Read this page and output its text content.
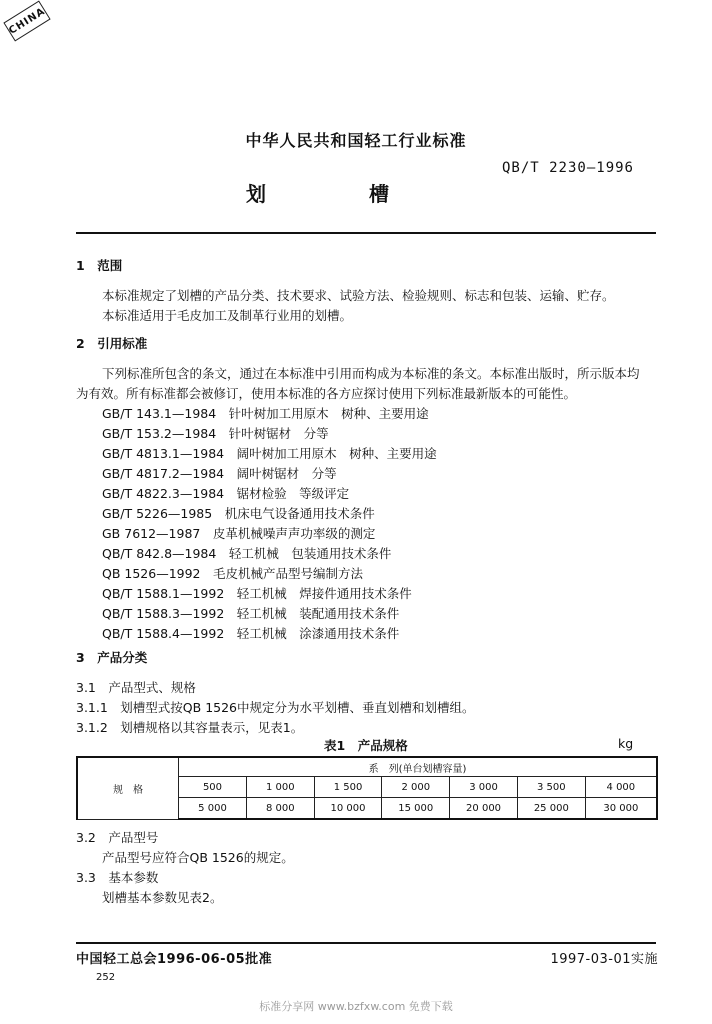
CHINA
中华人民共和国轻工行业标准
QB/T 2230—1996
划 槽
1　范围
本标准规定了划槽的产品分类、技术要求、试验方法、检验规则、标志和包装、运输、贮存。
本标准适用于毛皮加工及制革行业用的划槽。
2　引用标准
下列标准所包含的条文，通过在本标准中引用而构成为本标准的条文。本标准出版时，所示版本均
为有效。所有标准都会被修订，使用本标准的各方应探讨使用下列标准最新版本的可能性。
GB/T 143.1—1984　针叶树加工用原木　树种、主要用途
GB/T 153.2—1984　针叶树锯材　分等
GB/T 4813.1—1984　阔叶树加工用原木　树种、主要用途
GB/T 4817.2—1984　阔叶树锯材　分等
GB/T 4822.3—1984　锯材检验　等级评定
GB/T 5226—1985　机床电气设备通用技术条件
GB 7612—1987　皮革机械噪声声功率级的测定
QB/T 842.8—1984　轻工机械　包装通用技术条件
QB 1526—1992　毛皮机械产品型号编制方法
QB/T 1588.1—1992　轻工机械　焊接件通用技术条件
QB/T 1588.3—1992　轻工机械　装配通用技术条件
QB/T 1588.4—1992　轻工机械　涂漆通用技术条件
3　产品分类
3.1　产品型式、规格
3.1.1　划槽型式按QB 1526中规定分为水平划槽、垂直划槽和划槽组。
3.1.2　划槽规格以其容量表示，见表1。
表1　产品规格	kg
规　格	系　列(单台划槽容量)						
	500	1 000	1 500	2 000	3 000	3 500	4 000
	5 000	8 000	10 000	15 000	20 000	25 000	30 000
3.2　产品型号
产品型号应符合QB 1526的规定。
3.3　基本参数
划槽基本参数见表2。
中国轻工总会1996-06-05批准	1997-03-01实施
252
标准分享网 www.bzfxw.com 免费下载
